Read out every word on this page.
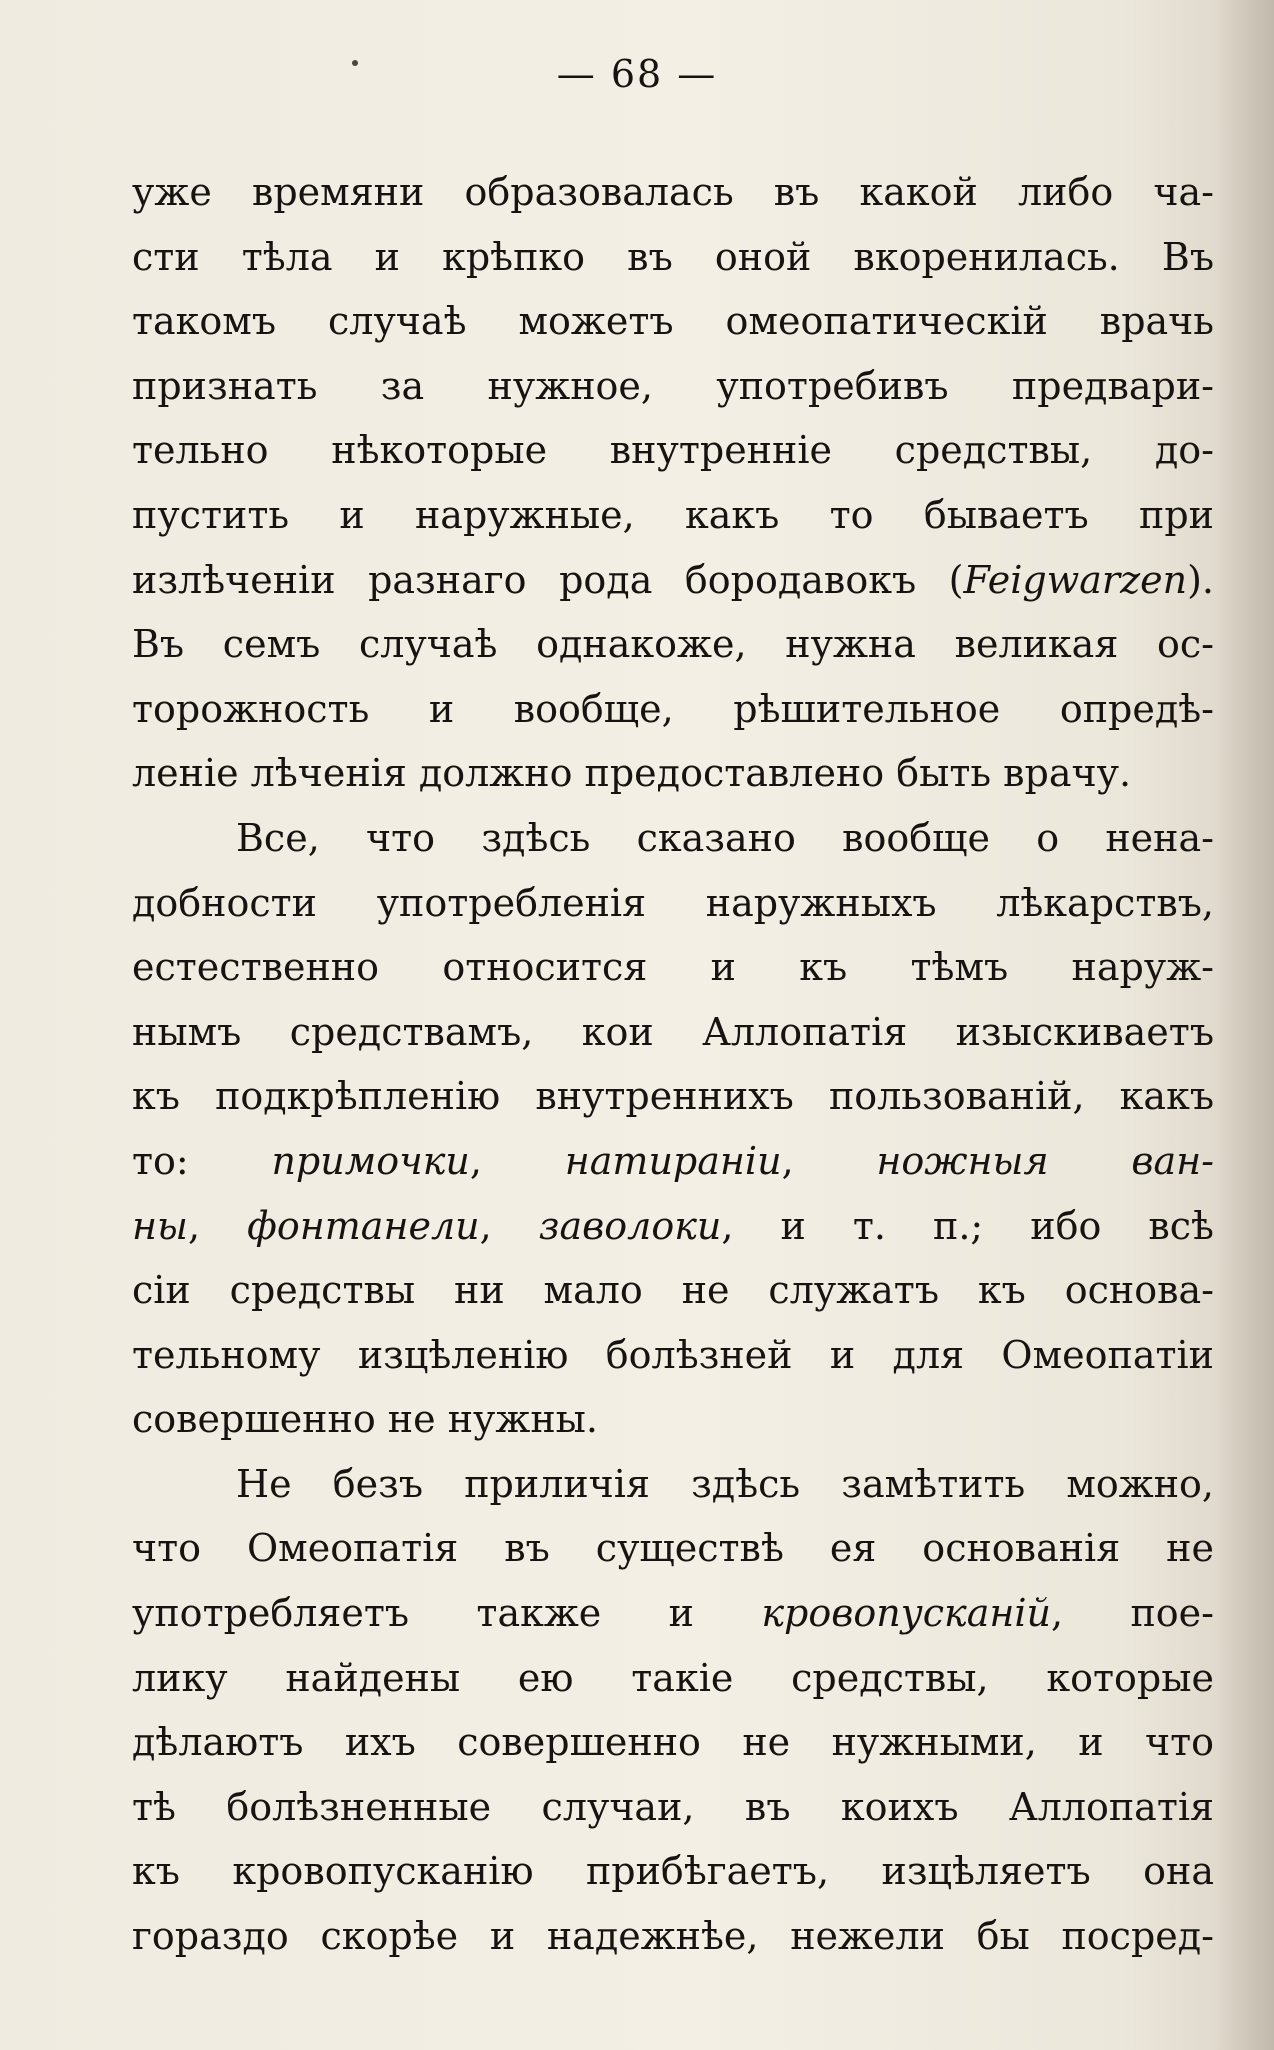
— 68 —
уже времяни образовалась въ какой либо ча-
сти тѣла и крѣпко въ оной вкоренилась. Въ
такомъ случаѣ можетъ омеопатическій врачь
признать за нужное, употребивъ предвари-
тельно нѣкоторые внутренніе средствы, до-
пустить и наружные, какъ то бываетъ при
излѣченіи разнаго рода бородавокъ (Feigwarzen).
Въ семъ случаѣ однакоже, нужна великая ос-
торожность и вообще, рѣшительное опредѣ-
леніе лѣченія должно предоставлено быть врачу.
Все, что здѣсь сказано вообще о нена-
добности употребленія наружныхъ лѣкарствъ,
естественно относится и къ тѣмъ наруж-
нымъ средствамъ, кои Аллопатія изыскиваетъ
къ подкрѣпленію внутреннихъ пользованій, какъ
то: примочки, натираніи, ножныя ван-
ны, фонтанели, заволоки, и т. п.; ибо всѣ
сіи средствы ни мало не служатъ къ основа-
тельному изцѣленію болѣзней и для Омеопатіи
совершенно не нужны.
Не безъ приличія здѣсь замѣтить можно,
что Омеопатія въ существѣ ея основанія не
употребляетъ также и кровопусканій, пое-
лику найдены ею такіе средствы, которые
дѣлаютъ ихъ совершенно не нужными, и что
тѣ болѣзненные случаи, въ коихъ Аллопатія
къ кровопусканію прибѣгаетъ, изцѣляетъ она
гораздо скорѣе и надежнѣе, нежели бы посред-
